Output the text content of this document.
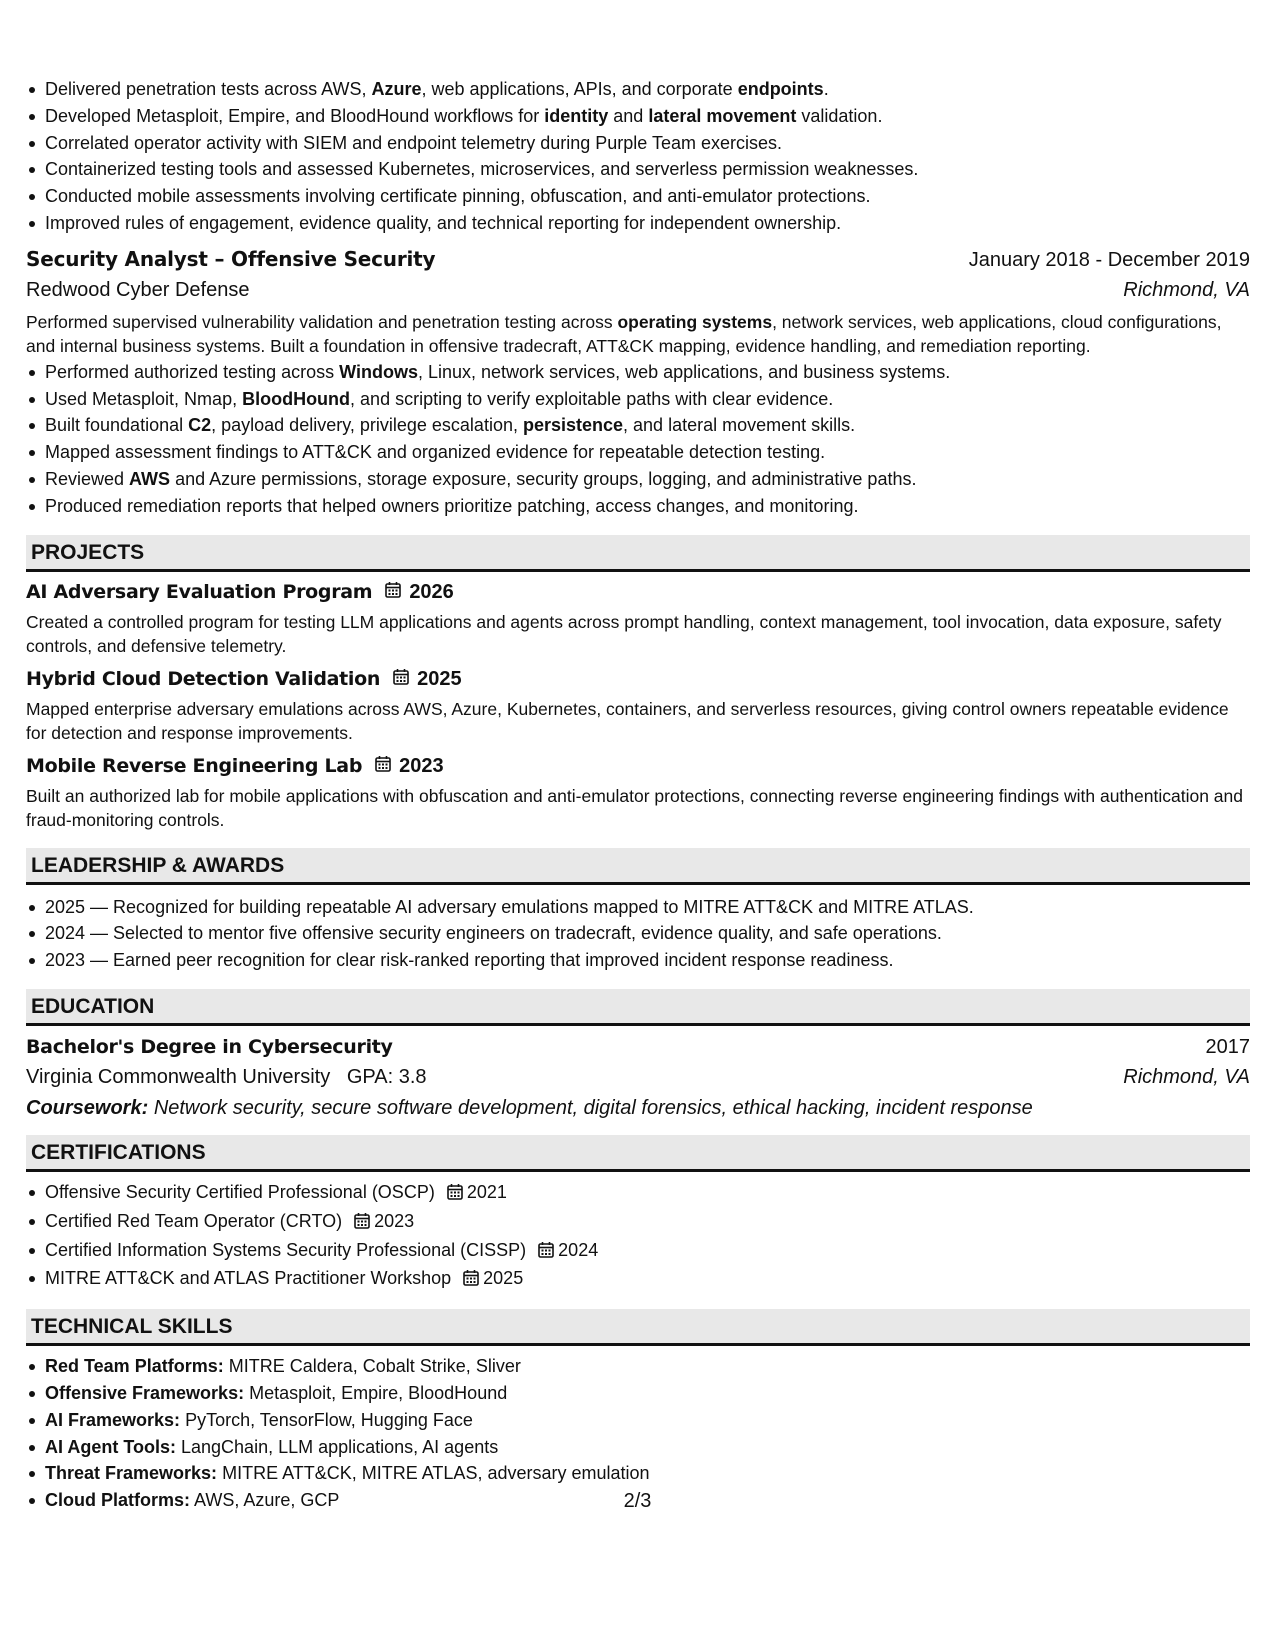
Delivered penetration tests across AWS, Azure, web applications, APIs, and corporate endpoints.
Developed Metasploit, Empire, and BloodHound workflows for identity and lateral movement validation.
Correlated operator activity with SIEM and endpoint telemetry during Purple Team exercises.
Containerized testing tools and assessed Kubernetes, microservices, and serverless permission weaknesses.
Conducted mobile assessments involving certificate pinning, obfuscation, and anti-emulator protections.
Improved rules of engagement, evidence quality, and technical reporting for independent ownership.
Security Analyst – Offensive Security	January 2018 - December 2019
Redwood Cyber Defense	Richmond, VA
Performed supervised vulnerability validation and penetration testing across operating systems, network services, web applications, cloud configurations, and internal business systems. Built a foundation in offensive tradecraft, ATT&CK mapping, evidence handling, and remediation reporting.
Performed authorized testing across Windows, Linux, network services, web applications, and business systems.
Used Metasploit, Nmap, BloodHound, and scripting to verify exploitable paths with clear evidence.
Built foundational C2, payload delivery, privilege escalation, persistence, and lateral movement skills.
Mapped assessment findings to ATT&CK and organized evidence for repeatable detection testing.
Reviewed AWS and Azure permissions, storage exposure, security groups, logging, and administrative paths.
Produced remediation reports that helped owners prioritize patching, access changes, and monitoring.
PROJECTS
AI Adversary Evaluation Program 2026
Created a controlled program for testing LLM applications and agents across prompt handling, context management, tool invocation, data exposure, safety controls, and defensive telemetry.
Hybrid Cloud Detection Validation 2025
Mapped enterprise adversary emulations across AWS, Azure, Kubernetes, containers, and serverless resources, giving control owners repeatable evidence for detection and response improvements.
Mobile Reverse Engineering Lab 2023
Built an authorized lab for mobile applications with obfuscation and anti-emulator protections, connecting reverse engineering findings with authentication and fraud-monitoring controls.
LEADERSHIP & AWARDS
2025 — Recognized for building repeatable AI adversary emulations mapped to MITRE ATT&CK and MITRE ATLAS.
2024 — Selected to mentor five offensive security engineers on tradecraft, evidence quality, and safe operations.
2023 — Earned peer recognition for clear risk-ranked reporting that improved incident response readiness.
EDUCATION
Bachelor's Degree in Cybersecurity	2017
Virginia Commonwealth University GPA: 3.8	Richmond, VA
Coursework: Network security, secure software development, digital forensics, ethical hacking, incident response
CERTIFICATIONS
Offensive Security Certified Professional (OSCP) 2021
Certified Red Team Operator (CRTO) 2023
Certified Information Systems Security Professional (CISSP) 2024
MITRE ATT&CK and ATLAS Practitioner Workshop 2025
TECHNICAL SKILLS
Red Team Platforms: MITRE Caldera, Cobalt Strike, Sliver
Offensive Frameworks: Metasploit, Empire, BloodHound
AI Frameworks: PyTorch, TensorFlow, Hugging Face
AI Agent Tools: LangChain, LLM applications, AI agents
Threat Frameworks: MITRE ATT&CK, MITRE ATLAS, adversary emulation
Cloud Platforms: AWS, Azure, GCP	2/3
